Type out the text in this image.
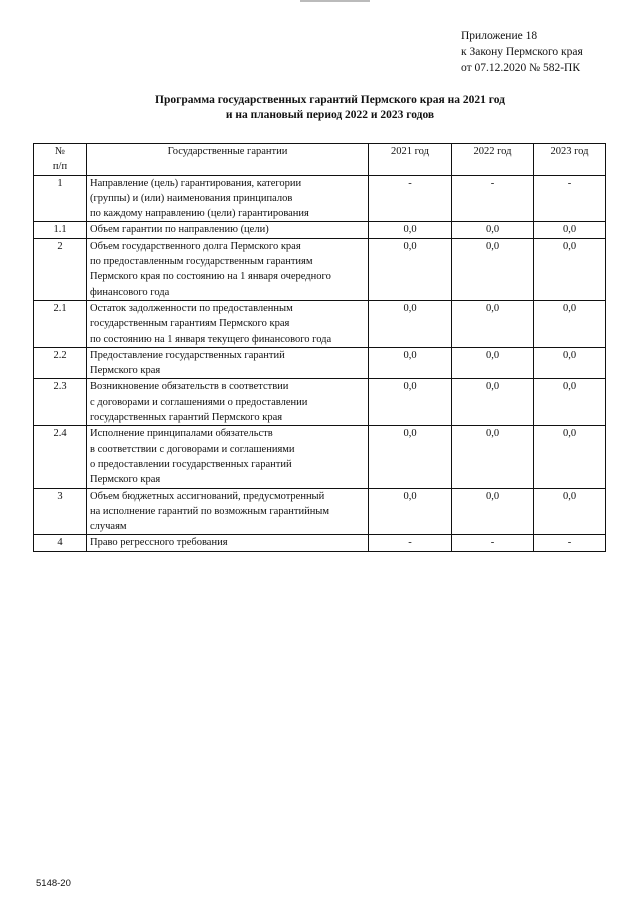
Приложение 18
к Закону Пермского края
от 07.12.2020 № 582-ПК
Программа государственных гарантий Пермского края на 2021 год
и на плановый период 2022 и 2023 годов
№
п/п	Государственные гарантии	2021 год	2022 год	2023 год
1	Направление (цель) гарантирования, категории
(группы) и (или) наименования принципалов
по каждому направлению (цели) гарантирования	-	-	-
1.1	Объем гарантии по направлению (цели)	0,0	0,0	0,0
2	Объем государственного долга Пермского края
по предоставленным государственным гарантиям
Пермского края по состоянию на 1 января очередного
финансового года	0,0	0,0	0,0
2.1	Остаток задолженности по предоставленным
государственным гарантиям Пермского края
по состоянию на 1 января текущего финансового года	0,0	0,0	0,0
2.2	Предоставление государственных гарантий
Пермского края	0,0	0,0	0,0
2.3	Возникновение обязательств в соответствии
с договорами и соглашениями о предоставлении
государственных гарантий Пермского края	0,0	0,0	0,0
2.4	Исполнение принципалами обязательств
в соответствии с договорами и соглашениями
о предоставлении государственных гарантий
Пермского края	0,0	0,0	0,0
3	Объем бюджетных ассигнований, предусмотренный
на исполнение гарантий по возможным гарантийным
случаям	0,0	0,0	0,0
4	Право регрессного требования	-	-	-
5148-20
